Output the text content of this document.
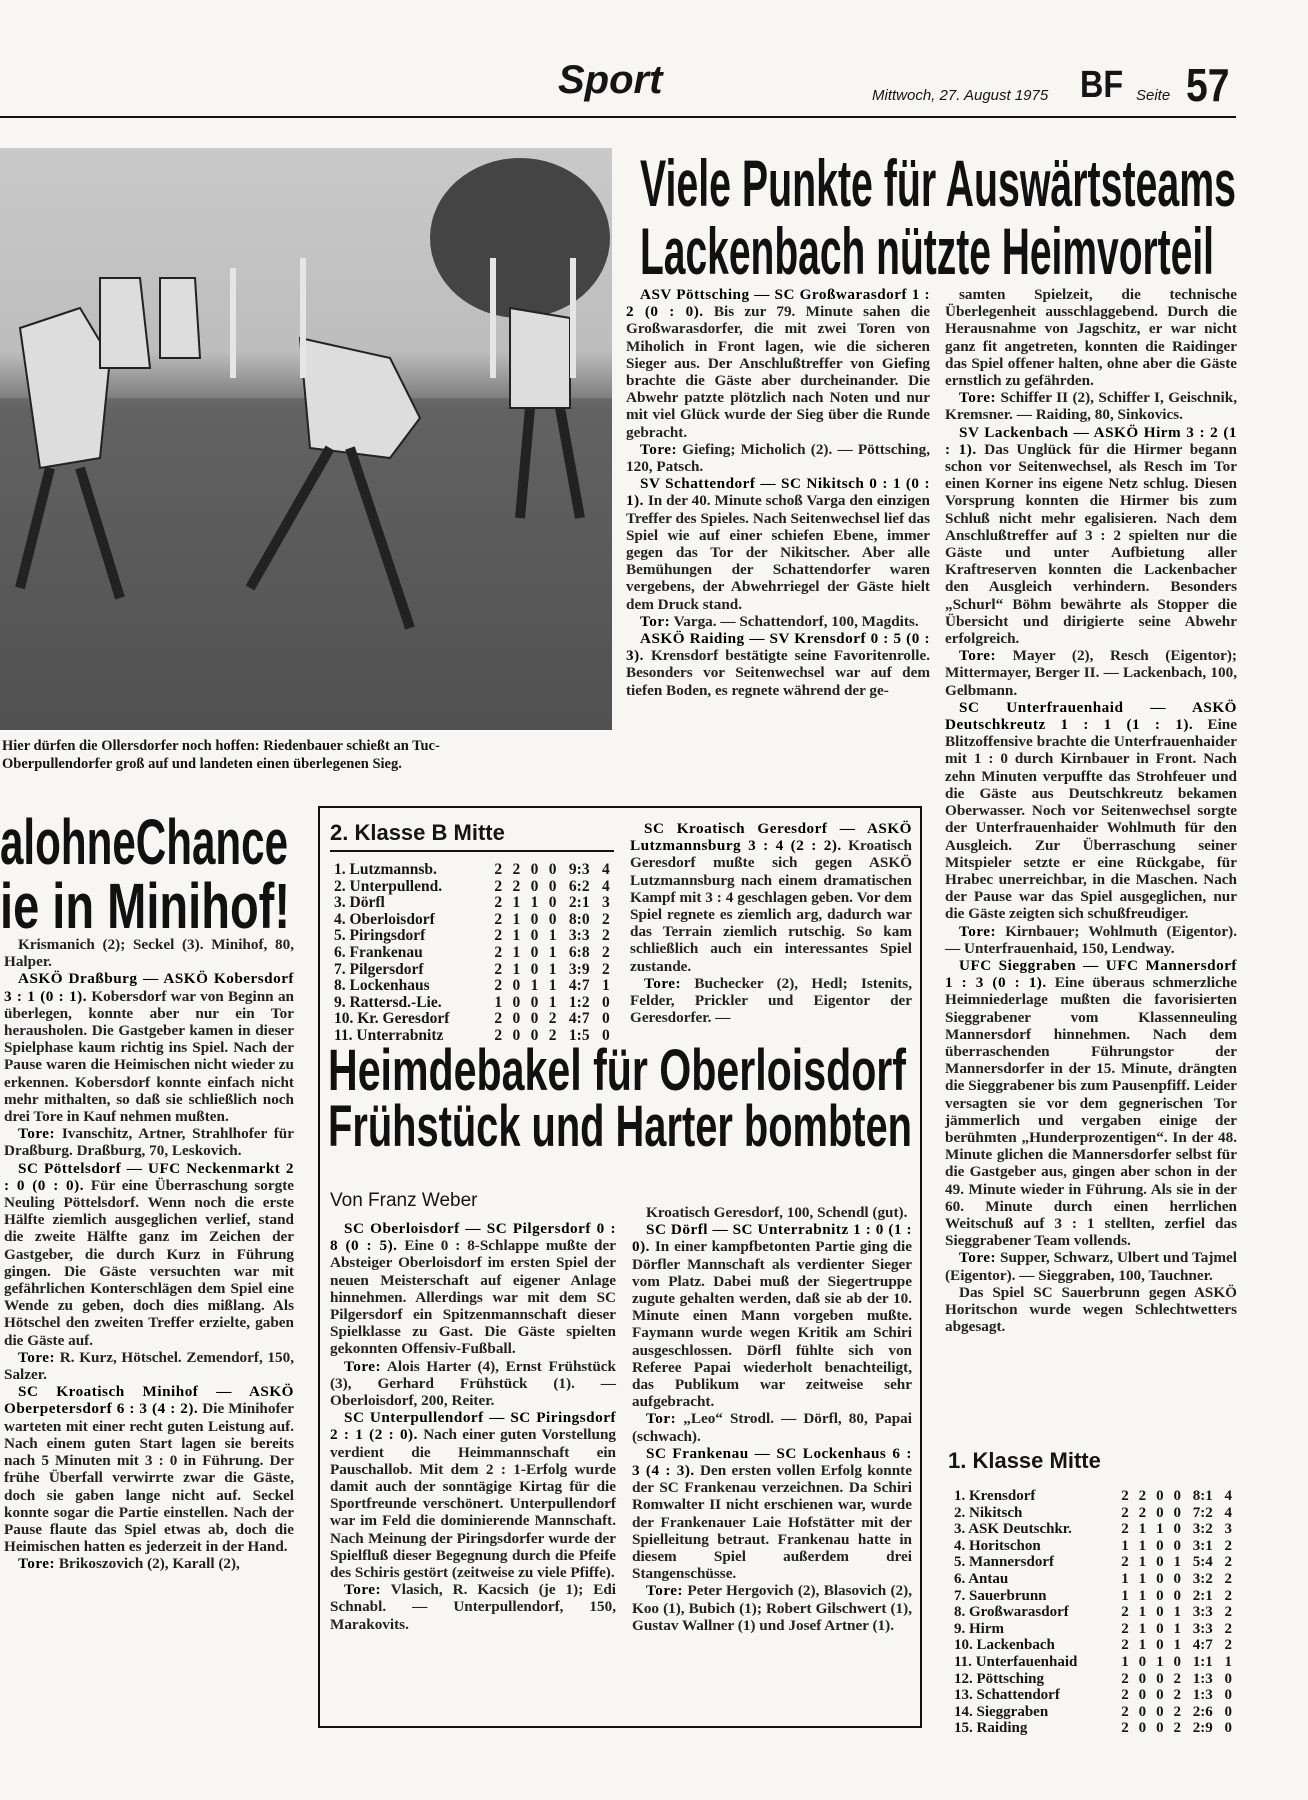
Sport	Mittwoch, 27. August 1975 BF Seite 57
Hier dürfen die Ollersdorfer noch hoffen: Riedenbauer schießt an Tuc-
Oberpullendorfer groß auf und landeten einen überlegenen Sieg.
Viele Punkte für Auswärtsteams
Lackenbach nützte Heimvorteil

ASV Pöttsching — SC Großwarasdorf 1 : 2 (0 : 0). Bis zur 79. Minute sahen die Großwarasdorfer, die mit zwei Toren von Miholich in Front lagen, wie die sicheren Sieger aus. Der Anschlußtreffer von Giefing brachte die Gäste aber durcheinander. Die Abwehr patzte plötzlich nach Noten und nur mit viel Glück wurde der Sieg über die Runde gebracht.

Tore: Giefing; Micholich (2). — Pöttsching, 120, Patsch.

SV Schattendorf — SC Nikitsch 0 : 1 (0 : 1). In der 40. Minute schoß Varga den einzigen Treffer des Spieles. Nach Seitenwechsel lief das Spiel wie auf einer schiefen Ebene, immer gegen das Tor der Nikitscher. Aber alle Bemühungen der Schattendorfer waren vergebens, der Abwehrriegel der Gäste hielt dem Druck stand.

Tor: Varga. — Schattendorf, 100, Magdits.

ASKÖ Raiding — SV Krensdorf 0 : 5 (0 : 3). Krensdorf bestätigte seine Favoritenrolle. Besonders vor Seitenwechsel war auf dem tiefen Boden, es regnete während der ge-

samten Spielzeit, die technische Überlegenheit ausschlaggebend. Durch die Herausnahme von Jagschitz, er war nicht ganz fit angetreten, konnten die Raidinger das Spiel offener halten, ohne aber die Gäste ernstlich zu gefährden.

Tore: Schiffer II (2), Schiffer I, Geischnik, Kremsner. — Raiding, 80, Sinkovics.

SV Lackenbach — ASKÖ Hirm 3 : 2 (1 : 1). Das Unglück für die Hirmer begann schon vor Seitenwechsel, als Resch im Tor einen Korner ins eigene Netz schlug. Diesen Vorsprung konnten die Hirmer bis zum Schluß nicht mehr egalisieren. Nach dem Anschlußtreffer auf 3 : 2 spielten nur die Gäste und unter Aufbietung aller Kraftreserven konnten die Lackenbacher den Ausgleich verhindern. Besonders „Schurl“ Böhm bewährte als Stopper die Übersicht und dirigierte seine Abwehr erfolgreich.

Tore: Mayer (2), Resch (Eigentor); Mittermayer, Berger II. — Lackenbach, 100, Gelbmann.

SC Unterfrauenhaid — ASKÖ Deutschkreutz 1 : 1 (1 : 1). Eine Blitzoffensive brachte die Unterfrauenhaider mit 1 : 0 durch Kirnbauer in Front. Nach zehn Minuten verpuffte das Strohfeuer und die Gäste aus Deutschkreutz bekamen Oberwasser. Noch vor Seitenwechsel sorgte der Unterfrauenhaider Wohlmuth für den Ausgleich. Zur Überraschung seiner Mitspieler setzte er eine Rückgabe, für Hrabec unerreichbar, in die Maschen. Nach der Pause war das Spiel ausgeglichen, nur die Gäste zeigten sich schußfreudiger.

Tore: Kirnbauer; Wohlmuth (Eigentor). — Unterfrauenhaid, 150, Lendway.

UFC Sieggraben — UFC Mannersdorf 1 : 3 (0 : 1). Eine überaus schmerzliche Heimniederlage mußten die favorisierten Sieggrabener vom Klassenneuling Mannersdorf hinnehmen. Nach dem überraschenden Führungstor der Mannersdorfer in der 15. Minute, drängten die Sieggrabener bis zum Pausenpfiff. Leider versagten sie vor dem gegnerischen Tor jämmerlich und vergaben einige der berühmten „Hunderprozentigen“. In der 48. Minute glichen die Mannersdorfer selbst für die Gastgeber aus, gingen aber schon in der 49. Minute wieder in Führung. Als sie in der 60. Minute durch einen herrlichen Weitschuß auf 3 : 1 stellten, zerfiel das Sieggrabener Team vollends.

Tore: Supper, Schwarz, Ulbert und Tajmel (Eigentor). — Sieggraben, 100, Tauchner.

Das Spiel SC Sauerbrunn gegen ASKÖ Horitschon wurde wegen Schlechtwetters abgesagt.

alohneChance
ie in Minihof!

Krismanich (2); Seckel (3). Minihof, 80, Halper.

ASKÖ Draßburg — ASKÖ Kobersdorf 3 : 1 (0 : 1). Kobersdorf war von Beginn an überlegen, konnte aber nur ein Tor herausholen. Die Gastgeber kamen in dieser Spielphase kaum richtig ins Spiel. Nach der Pause waren die Heimischen nicht wieder zu erkennen. Kobersdorf konnte einfach nicht mehr mithalten, so daß sie schließlich noch drei Tore in Kauf nehmen mußten.

Tore: Ivanschitz, Artner, Strahlhofer für Draßburg. Draßburg, 70, Leskovich.

SC Pöttelsdorf — UFC Neckenmarkt 2 : 0 (0 : 0). Für eine Überraschung sorgte Neuling Pöttelsdorf. Wenn noch die erste Hälfte ziemlich ausgeglichen verlief, stand die zweite Hälfte ganz im Zeichen der Gastgeber, die durch Kurz in Führung gingen. Die Gäste versuchten war mit gefährlichen Konterschlägen dem Spiel eine Wende zu geben, doch dies mißlang. Als Hötschel den zweiten Treffer erzielte, gaben die Gäste auf.

Tore: R. Kurz, Hötschel. Zemendorf, 150, Salzer.

SC Kroatisch Minihof — ASKÖ Oberpetersdorf 6 : 3 (4 : 2). Die Minihofer warteten mit einer recht guten Leistung auf. Nach einem guten Start lagen sie bereits nach 5 Minuten mit 3 : 0 in Führung. Der frühe Überfall verwirrte zwar die Gäste, doch sie gaben lange nicht auf. Seckel konnte sogar die Partie einstellen. Nach der Pause flaute das Spiel etwas ab, doch die Heimischen hatten es jederzeit in der Hand.

Tore: Brikoszovich (2), Karall (2),

2. Klasse B Mitte
1. Lutzmannsb.	2	2	0	0	9:3	4
2. Unterpullend.	2	2	0	0	6:2	4
3. Dörfl	2	1	1	0	2:1	3
4. Oberloisdorf	2	1	0	0	8:0	2
5. Piringsdorf	2	1	0	1	3:3	2
6. Frankenau	2	1	0	1	6:8	2
7. Pilgersdorf	2	1	0	1	3:9	2
8. Lockenhaus	2	0	1	1	4:7	1
9. Rattersd.-Lie.	1	0	0	1	1:2	0
10. Kr. Geresdorf	2	0	0	2	4:7	0
11. Unterrabnitz	2	0	0	2	1:5	0

SC Kroatisch Geresdorf — ASKÖ Lutzmannsburg 3 : 4 (2 : 2). Kroatisch Geresdorf mußte sich gegen ASKÖ Lutzmannsburg nach einem dramatischen Kampf mit 3 : 4 geschlagen geben. Vor dem Spiel regnete es ziemlich arg, dadurch war das Terrain ziemlich rutschig. So kam schließlich auch ein interessantes Spiel zustande.

Tore: Buchecker (2), Hedl; Istenits, Felder, Prickler und Eigentor der Geresdorfer. —

Heimdebakel für Oberloisdorf
Frühstück und Harter bombten
Von Franz Weber

SC Oberloisdorf — SC Pilgersdorf 0 : 8 (0 : 5). Eine 0 : 8-Schlappe mußte der Absteiger Oberloisdorf im ersten Spiel der neuen Meisterschaft auf eigener Anlage hinnehmen. Allerdings war mit dem SC Pilgersdorf ein Spitzenmannschaft dieser Spielklasse zu Gast. Die Gäste spielten gekonnten Offensiv-Fußball.

Tore: Alois Harter (4), Ernst Frühstück (3), Gerhard Frühstück (1). — Oberloisdorf, 200, Reiter.

SC Unterpullendorf — SC Piringsdorf 2 : 1 (2 : 0). Nach einer guten Vorstellung verdient die Heimmannschaft ein Pauschallob. Mit dem 2 : 1-Erfolg wurde damit auch der sonntägige Kirtag für die Sportfreunde verschönert. Unterpullendorf war im Feld die dominierende Mannschaft. Nach Meinung der Piringsdorfer wurde der Spielfluß dieser Begegnung durch die Pfeife des Schiris gestört (zeitweise zu viele Pfiffe).

Tore: Vlasich, R. Kacsich (je 1); Edi Schnabl. — Unterpullendorf, 150, Marakovits.

Kroatisch Geresdorf, 100, Schendl (gut).

SC Dörfl — SC Unterrabnitz 1 : 0 (1 : 0). In einer kampfbetonten Partie ging die Dörfler Mannschaft als verdienter Sieger vom Platz. Dabei muß der Siegertruppe zugute gehalten werden, daß sie ab der 10. Minute einen Mann vorgeben mußte. Faymann wurde wegen Kritik am Schiri ausgeschlossen. Dörfl fühlte sich von Referee Papai wiederholt benachteiligt, das Publikum war zeitweise sehr aufgebracht.

Tor: „Leo“ Strodl. — Dörfl, 80, Papai (schwach).

SC Frankenau — SC Lockenhaus 6 : 3 (4 : 3). Den ersten vollen Erfolg konnte der SC Frankenau verzeichnen. Da Schiri Romwalter II nicht erschienen war, wurde der Frankenauer Laie Hofstätter mit der Spielleitung betraut. Frankenau hatte in diesem Spiel außerdem drei Stangenschüsse.

Tore: Peter Hergovich (2), Blasovich (2), Koo (1), Bubich (1); Robert Gilschwert (1), Gustav Wallner (1) und Josef Artner (1).

1. Klasse Mitte
1. Krensdorf	2	2	0	0	8:1	4
2. Nikitsch	2	2	0	0	7:2	4
3. ASK Deutschkr.	2	1	1	0	3:2	3
4. Horitschon	1	1	0	0	3:1	2
5. Mannersdorf	2	1	0	1	5:4	2
6. Antau	1	1	0	0	3:2	2
7. Sauerbrunn	1	1	0	0	2:1	2
8. Großwarasdorf	2	1	0	1	3:3	2
9. Hirm	2	1	0	1	3:3	2
10. Lackenbach	2	1	0	1	4:7	2
11. Unterfauenhaid	1	0	1	0	1:1	1
12. Pöttsching	2	0	0	2	1:3	0
13. Schattendorf	2	0	0	2	1:3	0
14. Sieggraben	2	0	0	2	2:6	0
15. Raiding	2	0	0	2	2:9	0
